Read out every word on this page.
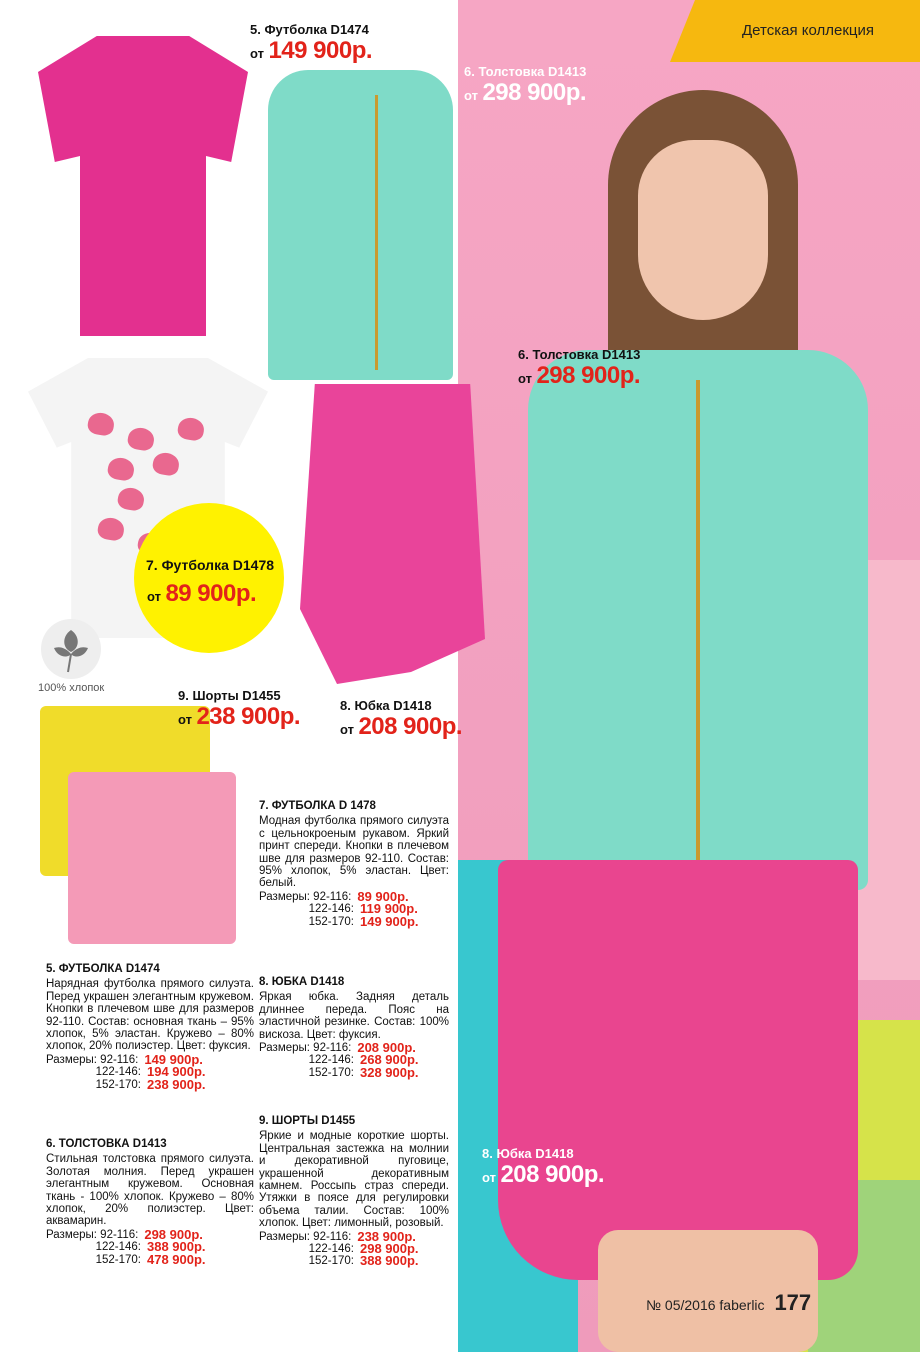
Детская коллекция
100% хлопок
7. Футболка D1478
от 89 900р.
5. Футболка D1474
от 149 900р.
6. Толстовка D1413
от 298 900р.
6. Толстовка D1413
от 298 900р.
9. Шорты D1455
от 238 900р.	8. Юбка D1418
от 208 900р.
8. Юбка D1418
от 208 900р.
5. ФУТБОЛКА D1474

Нарядная футболка прямого силуэта. Перед украшен элегантным кружевом. Кнопки в плечевом шве для размеров 92-110. Состав: основная ткань – 95% хлопок, 5% эластан. Кружево – 80% хлопок, 20% полиэстер. Цвет: фуксия.

Размеры: 92-116: 149 900р.
122-146: 194 900р.
152-170: 238 900р.
6. ТОЛСТОВКА D1413

Стильная толстовка прямого силуэта. Золотая молния. Перед украшен элегантным кружевом. Основная ткань - 100% хлопок. Кружево – 80% хлопок, 20% полиэстер. Цвет: аквамарин.

Размеры: 92-116: 298 900р.
122-146: 388 900р.
152-170: 478 900р.
7. ФУТБОЛКА D 1478

Модная футболка прямого силуэта с цельнокроеным рукавом. Яркий принт спереди. Кнопки в плечевом шве для размеров 92-110. Состав: 95% хлопок, 5% эластан. Цвет: белый.

Размеры: 92-116: 89 900р.
122-146: 119 900р.
152-170: 149 900р.
8. ЮБКА D1418

Яркая юбка. Задняя деталь длиннее переда. Пояс на эластичной резинке. Состав: 100% вискоза. Цвет: фуксия.

Размеры: 92-116: 208 900р.
122-146: 268 900р.
152-170: 328 900р.
9. ШОРТЫ D1455

Яркие и модные короткие шорты. Центральная застежка на молнии и декоративной пуговице, украшенной декоративным камнем. Россыпь страз спереди. Утяжки в поясе для регулировки объема талии. Состав: 100% хлопок. Цвет: лимонный, розовый.

Размеры: 92-116: 238 900р.
122-146: 298 900р.
152-170: 388 900р.
№ 05/2016 faberlic 177
